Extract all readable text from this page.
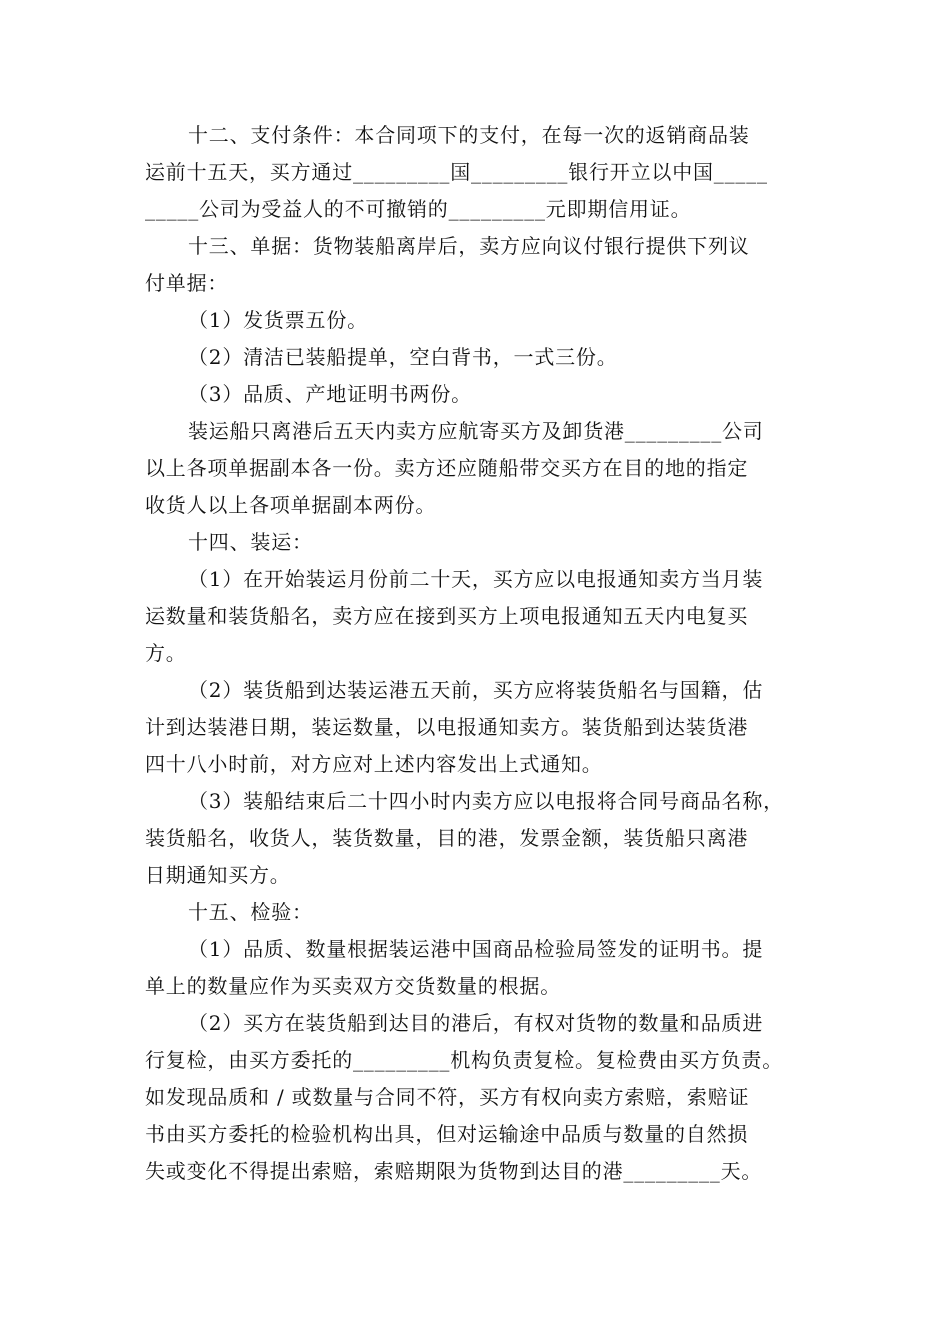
十二、支付条件：本合同项下的支付，在每一次的返销商品装
运前十五天，买方通过_________国_________银行开立以中国_____
_____公司为受益人的不可撤销的_________元即期信用证。
十三、单据：货物装船离岸后，卖方应向议付银行提供下列议
付单据：
（1）发货票五份。
（2）清洁已装船提单，空白背书，一式三份。
（3）品质、产地证明书两份。
装运船只离港后五天内卖方应航寄买方及卸货港_________公司
以上各项单据副本各一份。卖方还应随船带交买方在目的地的指定
收货人以上各项单据副本两份。
十四、装运：
（1）在开始装运月份前二十天，买方应以电报通知卖方当月装
运数量和装货船名，卖方应在接到买方上项电报通知五天内电复买
方。
（2）装货船到达装运港五天前，买方应将装货船名与国籍，估
计到达装港日期，装运数量，以电报通知卖方。装货船到达装货港
四十八小时前，对方应对上述内容发出上式通知。
（3）装船结束后二十四小时内卖方应以电报将合同号商品名称，
装货船名，收货人，装货数量，目的港，发票金额，装货船只离港
日期通知买方。
十五、检验：
（1）品质、数量根据装运港中国商品检验局签发的证明书。提
单上的数量应作为买卖双方交货数量的根据。
（2）买方在装货船到达目的港后，有权对货物的数量和品质进
行复检，由买方委托的_________机构负责复检。复检费由买方负责。
如发现品质和 / 或数量与合同不符，买方有权向卖方索赔，索赔证
书由买方委托的检验机构出具，但对运输途中品质与数量的自然损
失或变化不得提出索赔，索赔期限为货物到达目的港_________天。
